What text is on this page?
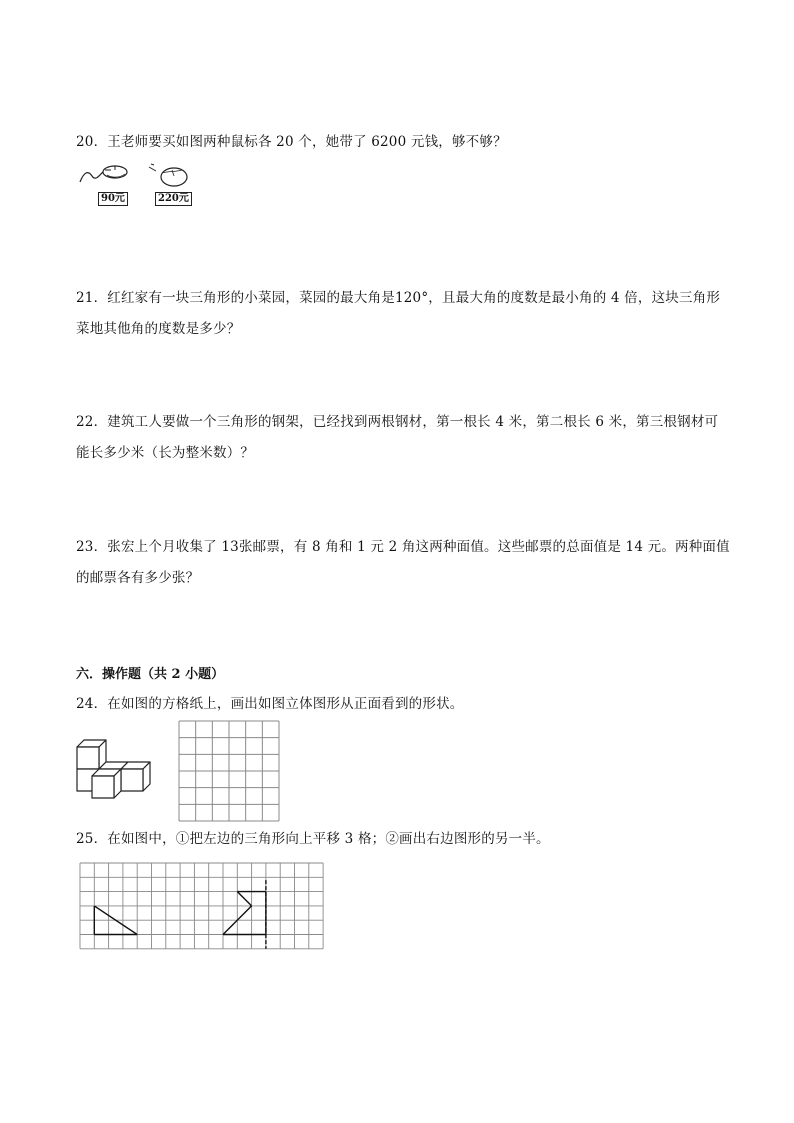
20．王老师要买如图两种鼠标各 20 个，她带了 6200 元钱，够不够？
90元	220元
21．红红家有一块三角形的小菜园，菜园的最大角是120°，且最大角的度数是最小角的 4 倍，这块三角形
菜地其他角的度数是多少？
22．建筑工人要做一个三角形的钢架，已经找到两根钢材，第一根长 4 米，第二根长 6 米，第三根钢材可
能长多少米（长为整米数）？
23．张宏上个月收集了 13张邮票，有 8 角和 1 元 2 角这两种面值。这些邮票的总面值是 14 元。两种面值
的邮票各有多少张？
六．操作题（共 2 小题）
24．在如图的方格纸上，画出如图立体图形从正面看到的形状。
25．在如图中，①把左边的三角形向上平移 3 格；②画出右边图形的另一半。
